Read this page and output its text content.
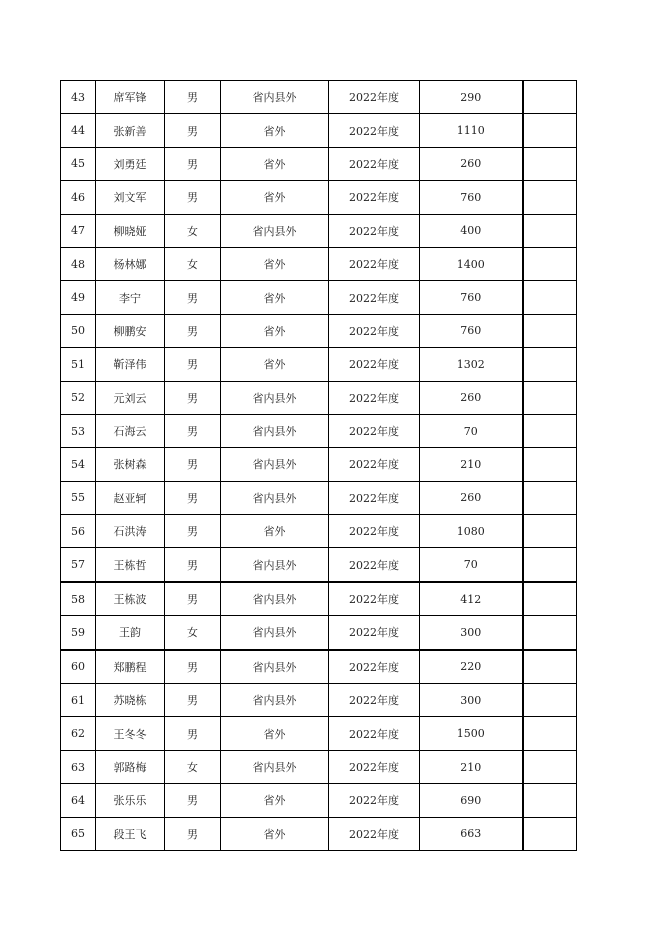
43	席军锋	男	省内县外	2022年度	290	
44	张新善	男	省外	2022年度	1110	
45	刘勇廷	男	省外	2022年度	260	
46	刘文军	男	省外	2022年度	760	
47	柳晓娅	女	省内县外	2022年度	400	
48	杨林娜	女	省外	2022年度	1400	
49	李宁	男	省外	2022年度	760	
50	柳鹏安	男	省外	2022年度	760	
51	靳泽伟	男	省外	2022年度	1302	
52	元刘云	男	省内县外	2022年度	260	
53	石海云	男	省内县外	2022年度	70	
54	张树森	男	省内县外	2022年度	210	
55	赵亚轲	男	省内县外	2022年度	260	
56	石洪涛	男	省外	2022年度	1080	
57	王栋哲	男	省内县外	2022年度	70	
58	王栋波	男	省内县外	2022年度	412	
59	王韵	女	省内县外	2022年度	300	
60	郑鹏程	男	省内县外	2022年度	220	
61	苏晓栋	男	省内县外	2022年度	300	
62	王冬冬	男	省外	2022年度	1500	
63	郭路梅	女	省内县外	2022年度	210	
64	张乐乐	男	省外	2022年度	690	
65	段王飞	男	省外	2022年度	663	
